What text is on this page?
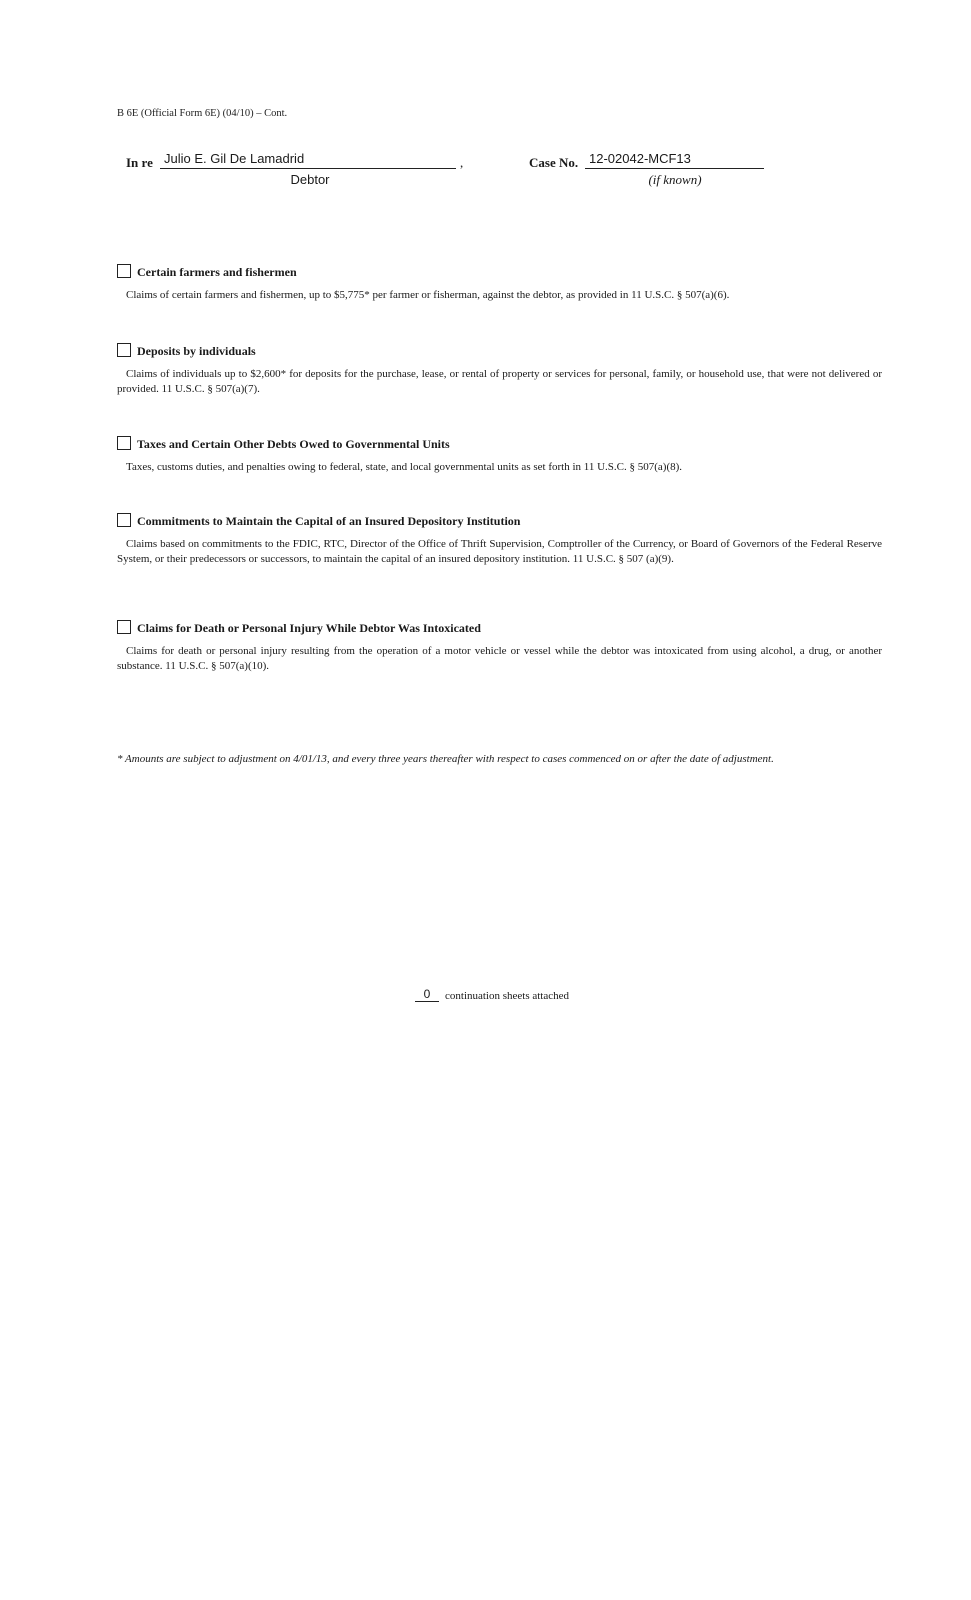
B 6E (Official Form 6E) (04/10) – Cont.
In re Julio E. Gil De Lamadrid	,
Debtor
Case No. 12-02042-MCF13
(if known)
Certain farmers and fishermen
Claims of certain farmers and fishermen, up to $5,775* per farmer or fisherman, against the debtor, as provided in 11 U.S.C. § 507(a)(6).
Deposits by individuals
Claims of individuals up to $2,600* for deposits for the purchase, lease, or rental of property or services for personal, family, or household use, that were not delivered or provided. 11 U.S.C. § 507(a)(7).
Taxes and Certain Other Debts Owed to Governmental Units
Taxes, customs duties, and penalties owing to federal, state, and local governmental units as set forth in 11 U.S.C. § 507(a)(8).
Commitments to Maintain the Capital of an Insured Depository Institution
Claims based on commitments to the FDIC, RTC, Director of the Office of Thrift Supervision, Comptroller of the Currency, or Board of Governors of the Federal Reserve System, or their predecessors or successors, to maintain the capital of an insured depository institution. 11 U.S.C. § 507 (a)(9).
Claims for Death or Personal Injury While Debtor Was Intoxicated
Claims for death or personal injury resulting from the operation of a motor vehicle or vessel while the debtor was intoxicated from using alcohol, a drug, or another substance. 11 U.S.C. § 507(a)(10).
* Amounts are subject to adjustment on 4/01/13, and every three years thereafter with respect to cases commenced on or after the date of adjustment.
0	continuation sheets attached
